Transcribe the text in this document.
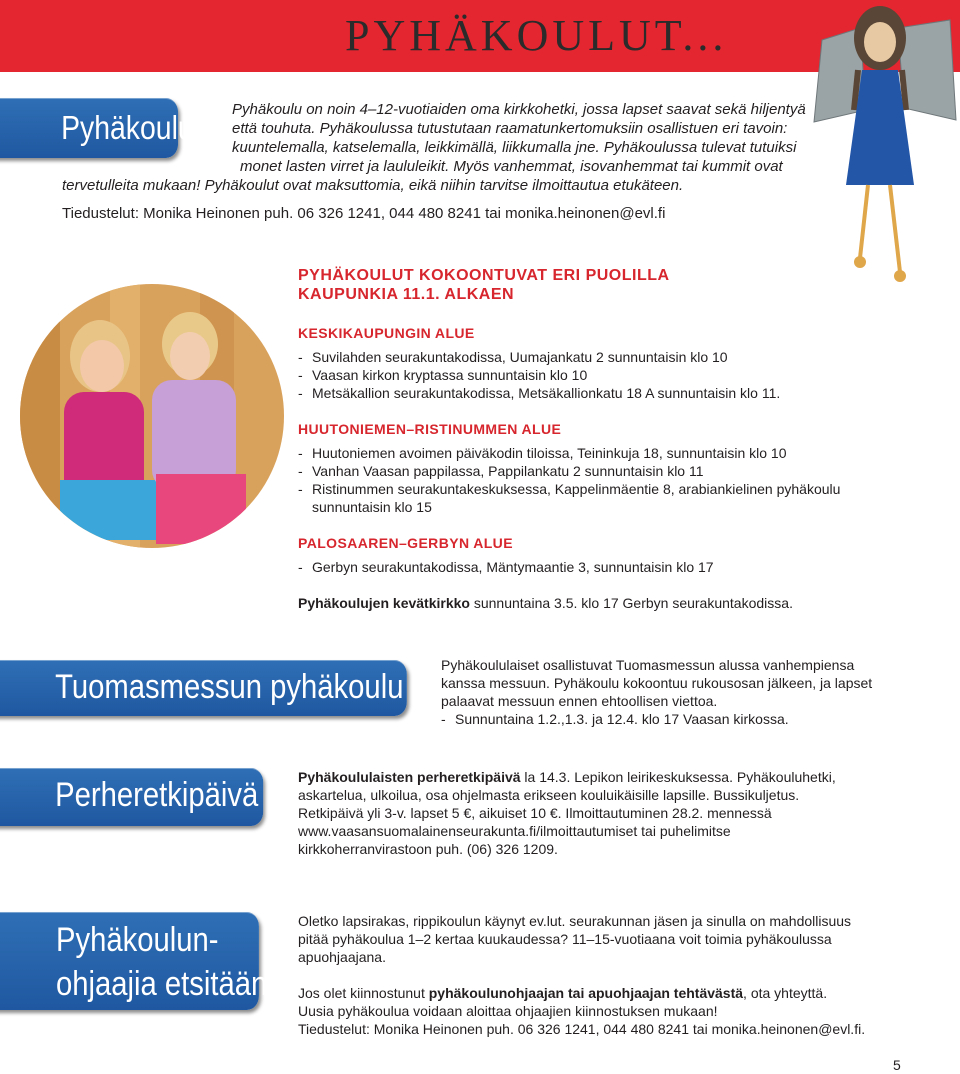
PYHÄKOULUT...
Pyhäkoulut Pyhäkoulu on noin 4–12-vuotiaiden oma kirkkohetki, jossa lapset saavat sekä hiljentyä
että touhuta. Pyhäkoulussa tutustutaan raamatunkertomuksiin osallistuen eri tavoin:
kuuntelemalla, katselemalla, leikkimällä, liikkumalla jne. Pyhäkoulussa tulevat tutuiksi
monet lasten virret ja laululeikit. Myös vanhemmat, isovanhemmat tai kummit ovat
tervetulleita mukaan! Pyhäkoulut ovat maksuttomia, eikä niihin tarvitse ilmoittautua etukäteen.
Tiedustelut: Monika Heinonen puh. 06 326 1241, 044 480 8241 tai monika.heinonen@evl.fi
PYHÄKOULUT KOKOONTUVAT ERI PUOLILLA
KAUPUNKIA 11.1. ALKAEN
KESKIKAUPUNGIN ALUE
- Suvilahden seurakuntakodissa, Uumajankatu 2 sunnuntaisin klo 10
- Vaasan kirkon kryptassa sunnuntaisin klo 10
- Metsäkallion seurakuntakodissa, Metsäkallionkatu 18 A sunnuntaisin klo 11.
HUUTONIEMEN–RISTINUMMEN ALUE
- Huutoniemen avoimen päiväkodin tiloissa, Teininkuja 18, sunnuntaisin klo 10
- Vanhan Vaasan pappilassa, Pappilankatu 2 sunnuntaisin klo 11
- Ristinummen seurakuntakeskuksessa, Kappelinmäentie 8, arabiankielinen pyhäkoulu sunnuntaisin klo 15
PALOSAAREN–GERBYN ALUE
- Gerbyn seurakuntakodissa, Mäntymaantie 3, sunnuntaisin klo 17
Pyhäkoulujen kevätkirkko sunnuntaina 3.5. klo 17 Gerbyn seurakuntakodissa.
Tuomasmessun pyhäkoulu

Pyhäkoululaiset osallistuvat Tuomasmessun alussa vanhempiensa

kanssa messuun. Pyhäkoulu kokoontuu rukousosan jälkeen, ja lapset

palaavat messuun ennen ehtoollisen viettoa.

- Sunnuntaina 1.2.,1.3. ja 12.4. klo 17 Vaasan kirkossa.
Perheretkipäivä	Pyhäkoululaisten perheretkipäivä la 14.3. Lepikon leirikeskuksessa. Pyhäkouluhetki,

askartelua, ulkoilua, osa ohjelmasta erikseen kouluikäisille lapsille. Bussikuljetus.

Retkipäivä yli 3-v. lapset 5 €, aikuiset 10 €. Ilmoittautuminen 28.2. mennessä

www.vaasansuomalainenseurakunta.fi/ilmoittautumiset tai puhelimitse

kirkkoherranvirastoon puh. (06) 326 1209.

Pyhäkoulun-
ohjaajia etsitään

Oletko lapsirakas, rippikoulun käynyt ev.lut. seurakunnan jäsen ja sinulla on mahdollisuus

pitää pyhäkoulua 1–2 kertaa kuukaudessa? 11–15-vuotiaana voit toimia pyhäkoulussa

apuohjaajana.

Jos olet kiinnostunut pyhäkoulunohjaajan tai apuohjaajan tehtävästä, ota yhteyttä.

Uusia pyhäkoulua voidaan aloittaa ohjaajien kiinnostuksen mukaan!

Tiedustelut: Monika Heinonen puh. 06 326 1241, 044 480 8241 tai monika.heinonen@evl.fi.

5
